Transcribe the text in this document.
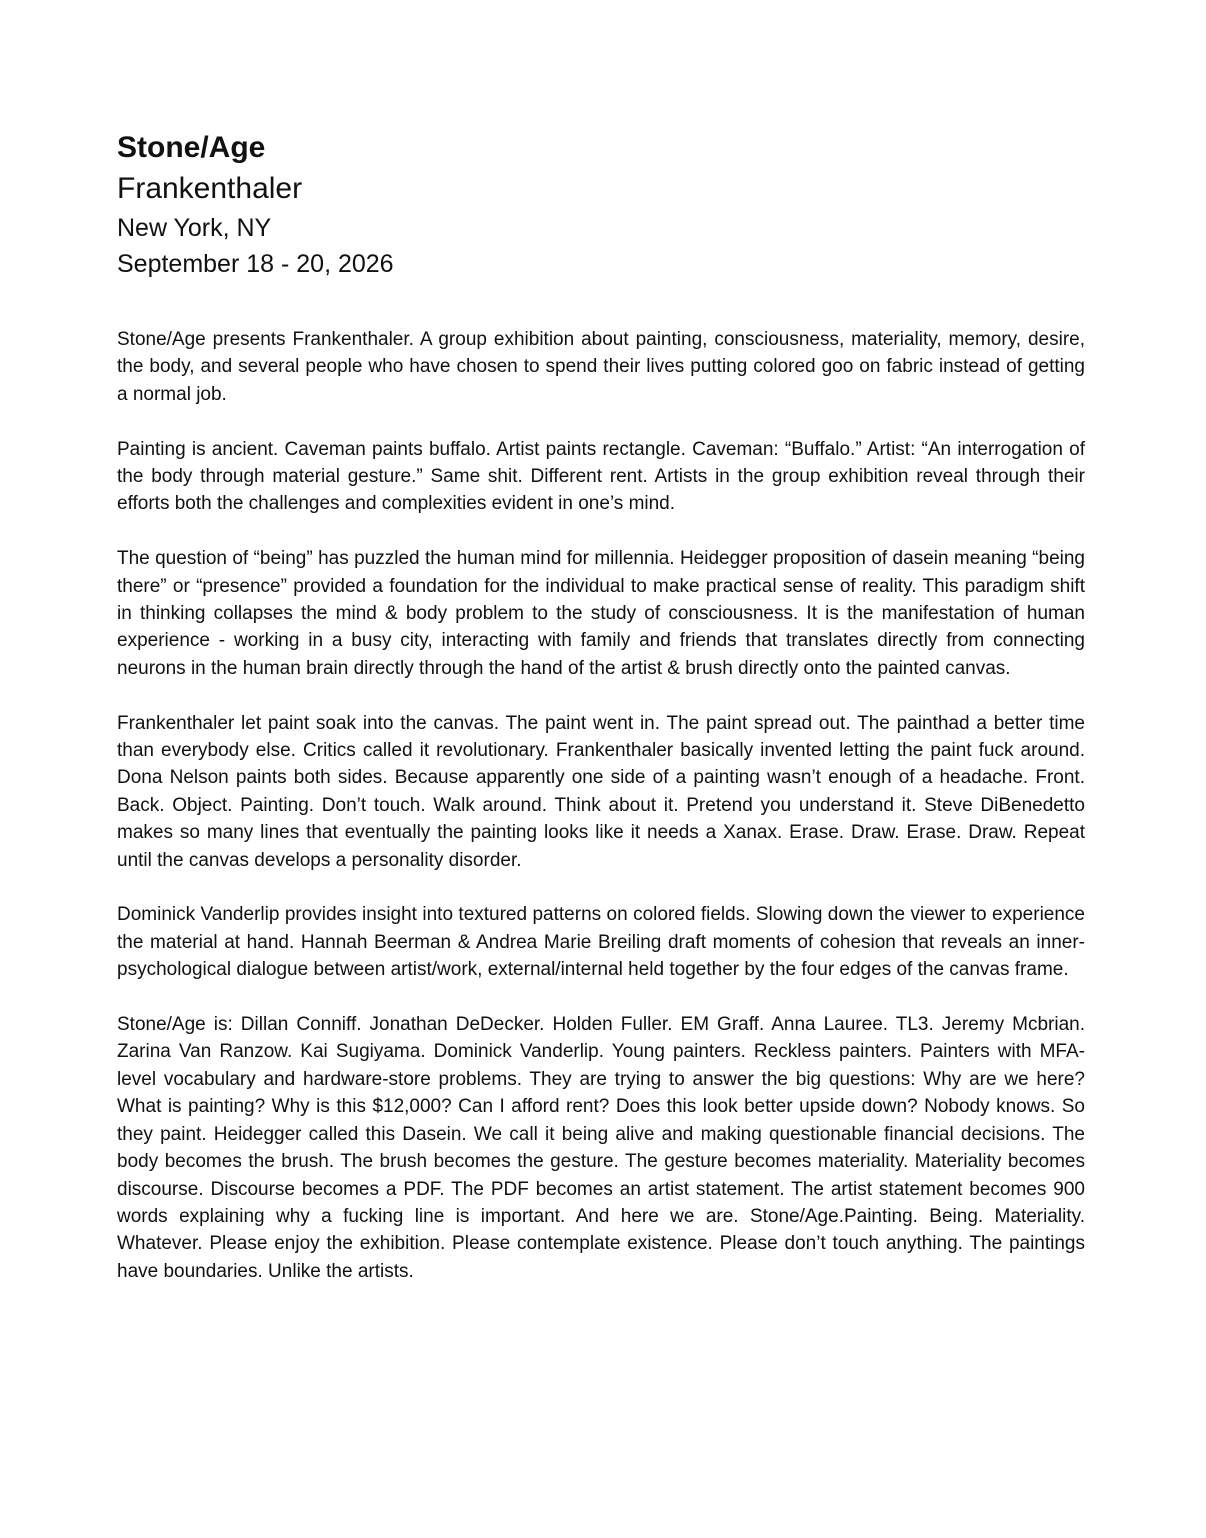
Stone/Age
Frankenthaler
New York, NY
September 18 - 20, 2026

Stone/Age presents Frankenthaler. A group exhibition about painting, consciousness, materiality, memory, desire, the body, and several people who have chosen to spend their lives putting colored goo on fabric instead of getting a normal job.

Painting is ancient. Caveman paints buffalo. Artist paints rectangle. Caveman: “Buffalo.” Artist: “An interrogation of the body through material gesture.” Same shit. Different rent. Artists in the group exhibition reveal through their efforts both the challenges and complexities evident in one’s mind.

The question of “being” has puzzled the human mind for millennia. Heidegger proposition of dasein meaning “being there” or “presence” provided a foundation for the individual to make practical sense of reality. This paradigm shift in thinking collapses the mind & body problem to the study of consciousness. It is the manifestation of human experience - working in a busy city, interacting with family and friends that translates directly from connecting neurons in the human brain directly through the hand of the artist & brush directly onto the painted canvas.

Frankenthaler let paint soak into the canvas. The paint went in. The paint spread out. The painthad a better time than everybody else. Critics called it revolutionary. Frankenthaler basically invented letting the paint fuck around. Dona Nelson paints both sides. Because apparently one side of a painting wasn’t enough of a headache. Front. Back. Object. Painting. Don’t touch. Walk around. Think about it. Pretend you understand it. Steve DiBenedetto makes so many lines that eventually the painting looks like it needs a Xanax. Erase. Draw. Erase. Draw. Repeat until the canvas develops a personality disorder.

Dominick Vanderlip provides insight into textured patterns on colored fields. Slowing down the viewer to experience the material at hand. Hannah Beerman & Andrea Marie Breiling draft moments of cohesion that reveals an inner-psychological dialogue between artist/work, external/internal held together by the four edges of the canvas frame.

Stone/Age is: Dillan Conniff. Jonathan DeDecker. Holden Fuller. EM Graff. Anna Lauree. TL3. Jeremy Mcbrian. Zarina Van Ranzow. Kai Sugiyama. Dominick Vanderlip. Young painters. Reckless painters. Painters with MFA-level vocabulary and hardware-store problems. They are trying to answer the big questions: Why are we here? What is painting? Why is this $12,000? Can I afford rent? Does this look better upside down? Nobody knows. So they paint. Heidegger called this Dasein. We call it being alive and making questionable financial decisions. The body becomes the brush. The brush becomes the gesture. The gesture becomes materiality. Materiality becomes discourse. Discourse becomes a PDF. The PDF becomes an artist statement. The artist statement becomes 900 words explaining why a fucking line is important. And here we are. Stone/Age.Painting. Being. Materiality. Whatever. Please enjoy the exhibition. Please contemplate existence. Please don’t touch anything. The paintings have boundaries. Unlike the artists.
